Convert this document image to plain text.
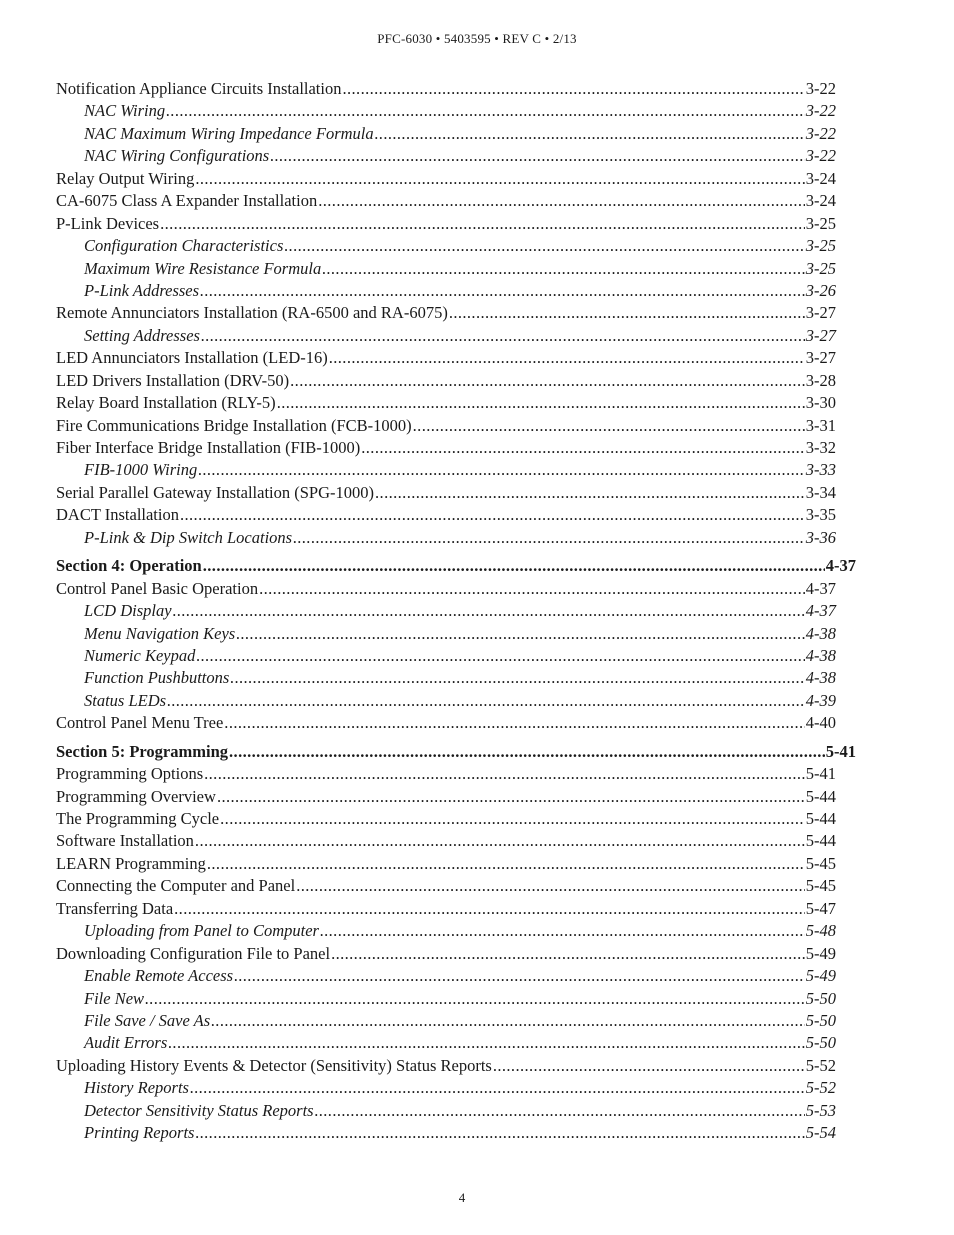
PFC-6030 • 5403595 • REV C • 2/13
Notification Appliance Circuits Installation .....	3-22
NAC Wiring .....	3-22
NAC Maximum Wiring Impedance Formula .....	3-22
NAC Wiring Configurations .....	3-22
Relay Output Wiring .....	3-24
CA-6075 Class A Expander Installation .....	3-24
P-Link Devices .....	3-25
Configuration Characteristics .....	3-25
Maximum Wire Resistance Formula .....	3-25
P-Link Addresses .....	3-26
Remote Annunciators Installation (RA-6500 and RA-6075) .....	3-27
Setting Addresses .....	3-27
LED Annunciators Installation (LED-16) .....	3-27
LED Drivers Installation (DRV-50) .....	3-28
Relay Board Installation (RLY-5) .....	3-30
Fire Communications Bridge Installation (FCB-1000) .....	3-31
Fiber Interface Bridge Installation (FIB-1000) .....	3-32
FIB-1000 Wiring .....	3-33
Serial Parallel Gateway Installation (SPG-1000) .....	3-34
DACT Installation .....	3-35
P-Link & Dip Switch Locations .....	3-36
Section 4: Operation .....	4-37
Control Panel Basic Operation .....	4-37
LCD Display .....	4-37
Menu Navigation Keys .....	4-38
Numeric Keypad .....	4-38
Function Pushbuttons .....	4-38
Status LEDs .....	4-39
Control Panel Menu Tree .....	4-40
Section 5: Programming .....	5-41
Programming Options .....	5-41
Programming Overview .....	5-44
The Programming Cycle .....	5-44
Software Installation .....	5-44
LEARN Programming .....	5-45
Connecting the Computer and Panel .....	5-45
Transferring Data .....	5-47
Uploading from Panel to Computer .....	5-48
Downloading Configuration File to Panel .....	5-49
Enable Remote Access .....	5-49
File New .....	5-50
File Save / Save As .....	5-50
Audit Errors .....	5-50
Uploading History Events & Detector (Sensitivity) Status Reports .....	5-52
History Reports .....	5-52
Detector Sensitivity Status Reports .....	5-53
Printing Reports .....	5-54
4
